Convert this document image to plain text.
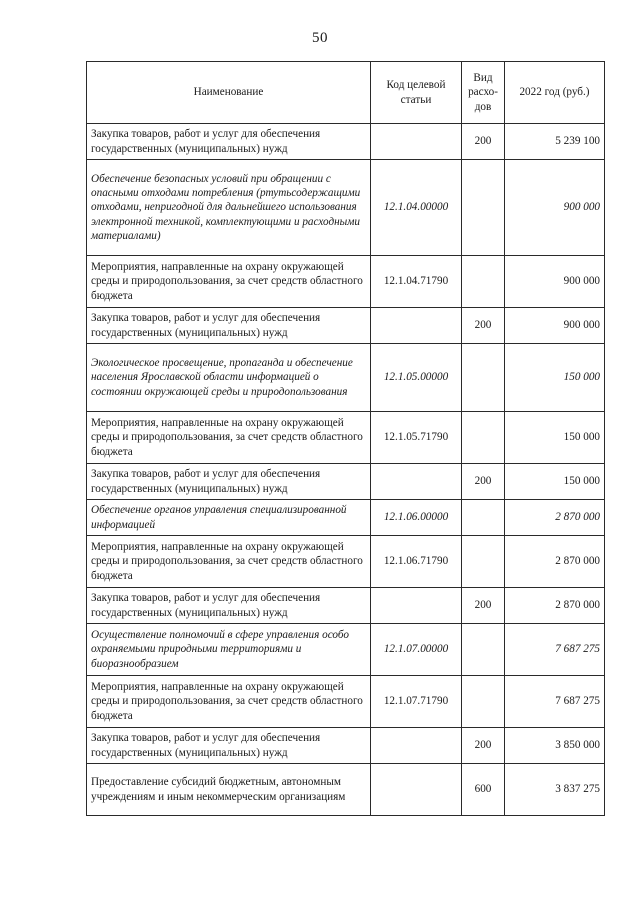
50
Наименование	Код целевой статьи	Вид расхо-дов	2022 год (руб.)
Закупка товаров, работ и услуг для обеспечения государственных (муниципальных) нужд		200	5 239 100
Обеспечение безопасных условий при обращении с опасными отходами потребления (ртутьсодержащими отходами, непригодной для дальнейшего использования электронной техникой, комплектующими и расходными материалами)	12.1.04.00000		900 000
Мероприятия, направленные на охрану окружающей среды и природопользования, за счет средств областного бюджета	12.1.04.71790		900 000
Закупка товаров, работ и услуг для обеспечения государственных (муниципальных) нужд		200	900 000
Экологическое просвещение, пропаганда и обеспечение населения Ярославской области информацией о состоянии окружающей среды и природопользования	12.1.05.00000		150 000
Мероприятия, направленные на охрану окружающей среды и природопользования, за счет средств областного бюджета	12.1.05.71790		150 000
Закупка товаров, работ и услуг для обеспечения государственных (муниципальных) нужд		200	150 000
Обеспечение органов управления специализированной информацией	12.1.06.00000		2 870 000
Мероприятия, направленные на охрану окружающей среды и природопользования, за счет средств областного бюджета	12.1.06.71790		2 870 000
Закупка товаров, работ и услуг для обеспечения государственных (муниципальных) нужд		200	2 870 000
Осуществление полномочий в сфере управления особо охраняемыми природными территориями и биоразнообразием	12.1.07.00000		7 687 275
Мероприятия, направленные на охрану окружающей среды и природопользования, за счет средств областного бюджета	12.1.07.71790		7 687 275
Закупка товаров, работ и услуг для обеспечения государственных (муниципальных) нужд		200	3 850 000
Предоставление субсидий бюджетным, автономным учреждениям и иным некоммерческим организациям		600	3 837 275
